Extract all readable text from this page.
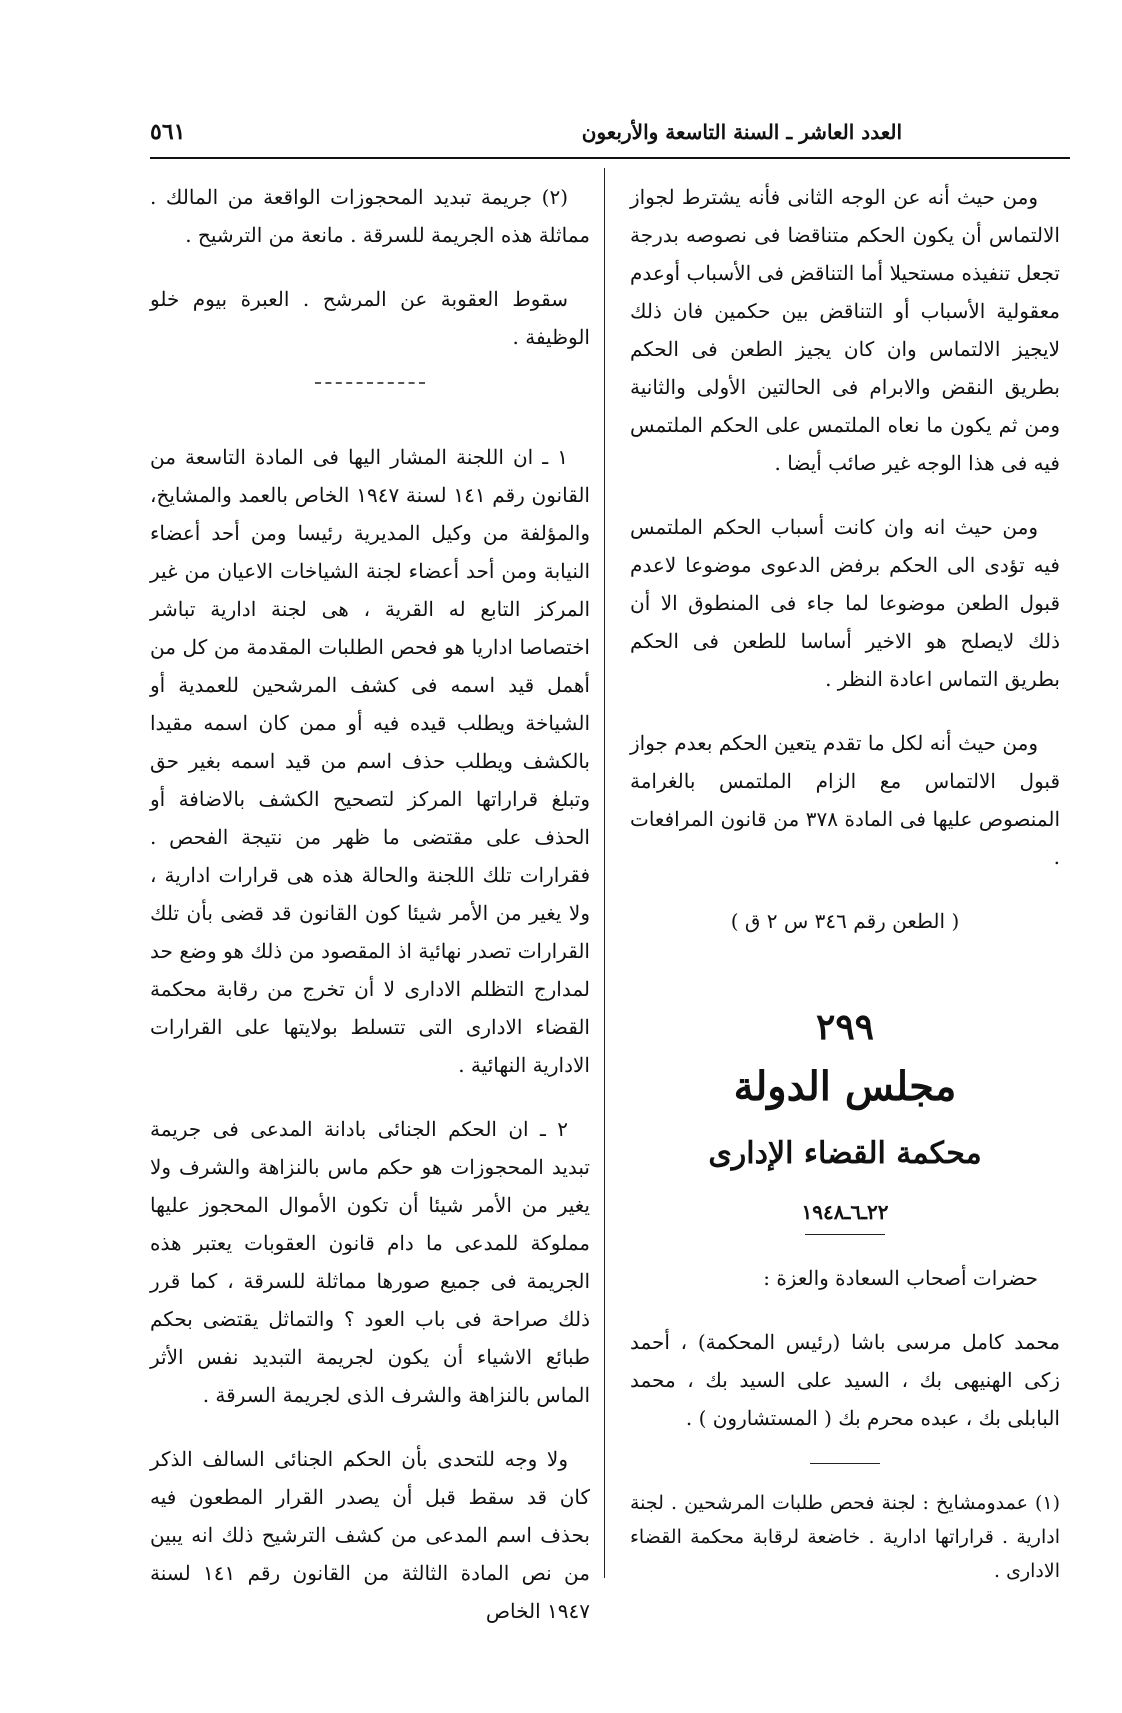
العدد العاشر ـ السنة التاسعة والأربعون
٥٦١

ومن حيث أنه عن الوجه الثانى فأنه يشترط لجواز الالتماس أن يكون الحكم متناقضا فى نصوصه بدرجة تجعل تنفيذه مستحيلا أما التناقض فى الأسباب أوعدم معقولية الأسباب أو التناقض بين حكمين فان ذلك لايجيز الالتماس وان كان يجيز الطعن فى الحكم بطريق النقض والابرام فى الحالتين الأولى والثانية ومن ثم يكون ما نعاه الملتمس على الحكم الملتمس فيه فى هذا الوجه غير صائب أيضا .

ومن حيث انه وان كانت أسباب الحكم الملتمس فيه تؤدى الى الحكم برفض الدعوى موضوعا لاعدم قبول الطعن موضوعا لما جاء فى المنطوق الا أن ذلك لايصلح هو الاخير أساسا للطعن فى الحكم بطريق التماس اعادة النظر .

ومن حيث أنه لكل ما تقدم يتعين الحكم بعدم جواز قبول الالتماس مع الزام الملتمس بالغرامة المنصوص عليها فى المادة ٣٧٨ من قانون المرافعات .

( الطعن رقم ٣٤٦ س ٢ ق )
٢٩٩
مجلس الدولة
محكمة القضاء الإدارى
٢٢ـ٦ـ١٩٤٨

حضرات أصحاب السعادة والعزة :

محمد كامل مرسى باشا (رئيس المحكمة) ، أحمد زكى الهنيهى بك ، السيد على السيد بك ، محمد البابلى بك ، عبده محرم بك ( المستشارون ) .

(١) عمدومشايخ : لجنة فحص طلبات المرشحين . لجنة ادارية . قراراتها ادارية . خاضعة لرقابة محكمة القضاء الادارى .

(٢) جريمة تبديد المحجوزات الواقعة من المالك . مماثلة هذه الجريمة للسرقة . مانعة من الترشيح .

سقوط العقوبة عن المرشح . العبرة بيوم خلو الوظيفة .

١ ـ ان اللجنة المشار اليها فى المادة التاسعة من القانون رقم ١٤١ لسنة ١٩٤٧ الخاص بالعمد والمشايخ، والمؤلفة من وكيل المديرية رئيسا ومن أحد أعضاء النيابة ومن أحد أعضاء لجنة الشياخات الاعيان من غير المركز التابع له القرية ، هى لجنة ادارية تباشر اختصاصا اداريا هو فحص الطلبات المقدمة من كل من أهمل قيد اسمه فى كشف المرشحين للعمدية أو الشياخة ويطلب قيده فيه أو ممن كان اسمه مقيدا بالكشف ويطلب حذف اسم من قيد اسمه بغير حق وتبلغ قراراتها المركز لتصحيح الكشف بالاضافة أو الحذف على مقتضى ما ظهر من نتيجة الفحص . فقرارات تلك اللجنة والحالة هذه هى قرارات ادارية ، ولا يغير من الأمر شيئا كون القانون قد قضى بأن تلك القرارات تصدر نهائية اذ المقصود من ذلك هو وضع حد لمدارج التظلم الادارى لا أن تخرج من رقابة محكمة القضاء الادارى التى تتسلط بولايتها على القرارات الادارية النهائية .

٢ ـ ان الحكم الجنائى بادانة المدعى فى جريمة تبديد المحجوزات هو حكم ماس بالنزاهة والشرف ولا يغير من الأمر شيئا أن تكون الأموال المحجوز عليها مملوكة للمدعى ما دام قانون العقوبات يعتبر هذه الجريمة فى جميع صورها مماثلة للسرقة ، كما قرر ذلك صراحة فى باب العود ؟ والتماثل يقتضى بحكم طبائع الاشياء أن يكون لجريمة التبديد نفس الأثر الماس بالنزاهة والشرف الذى لجريمة السرقة .

ولا وجه للتحدى بأن الحكم الجنائى السالف الذكر كان قد سقط قبل أن يصدر القرار المطعون فيه بحذف اسم المدعى من كشف الترشيح ذلك انه يبين من نص المادة الثالثة من القانون رقم ١٤١ لسنة ١٩٤٧ الخاص
